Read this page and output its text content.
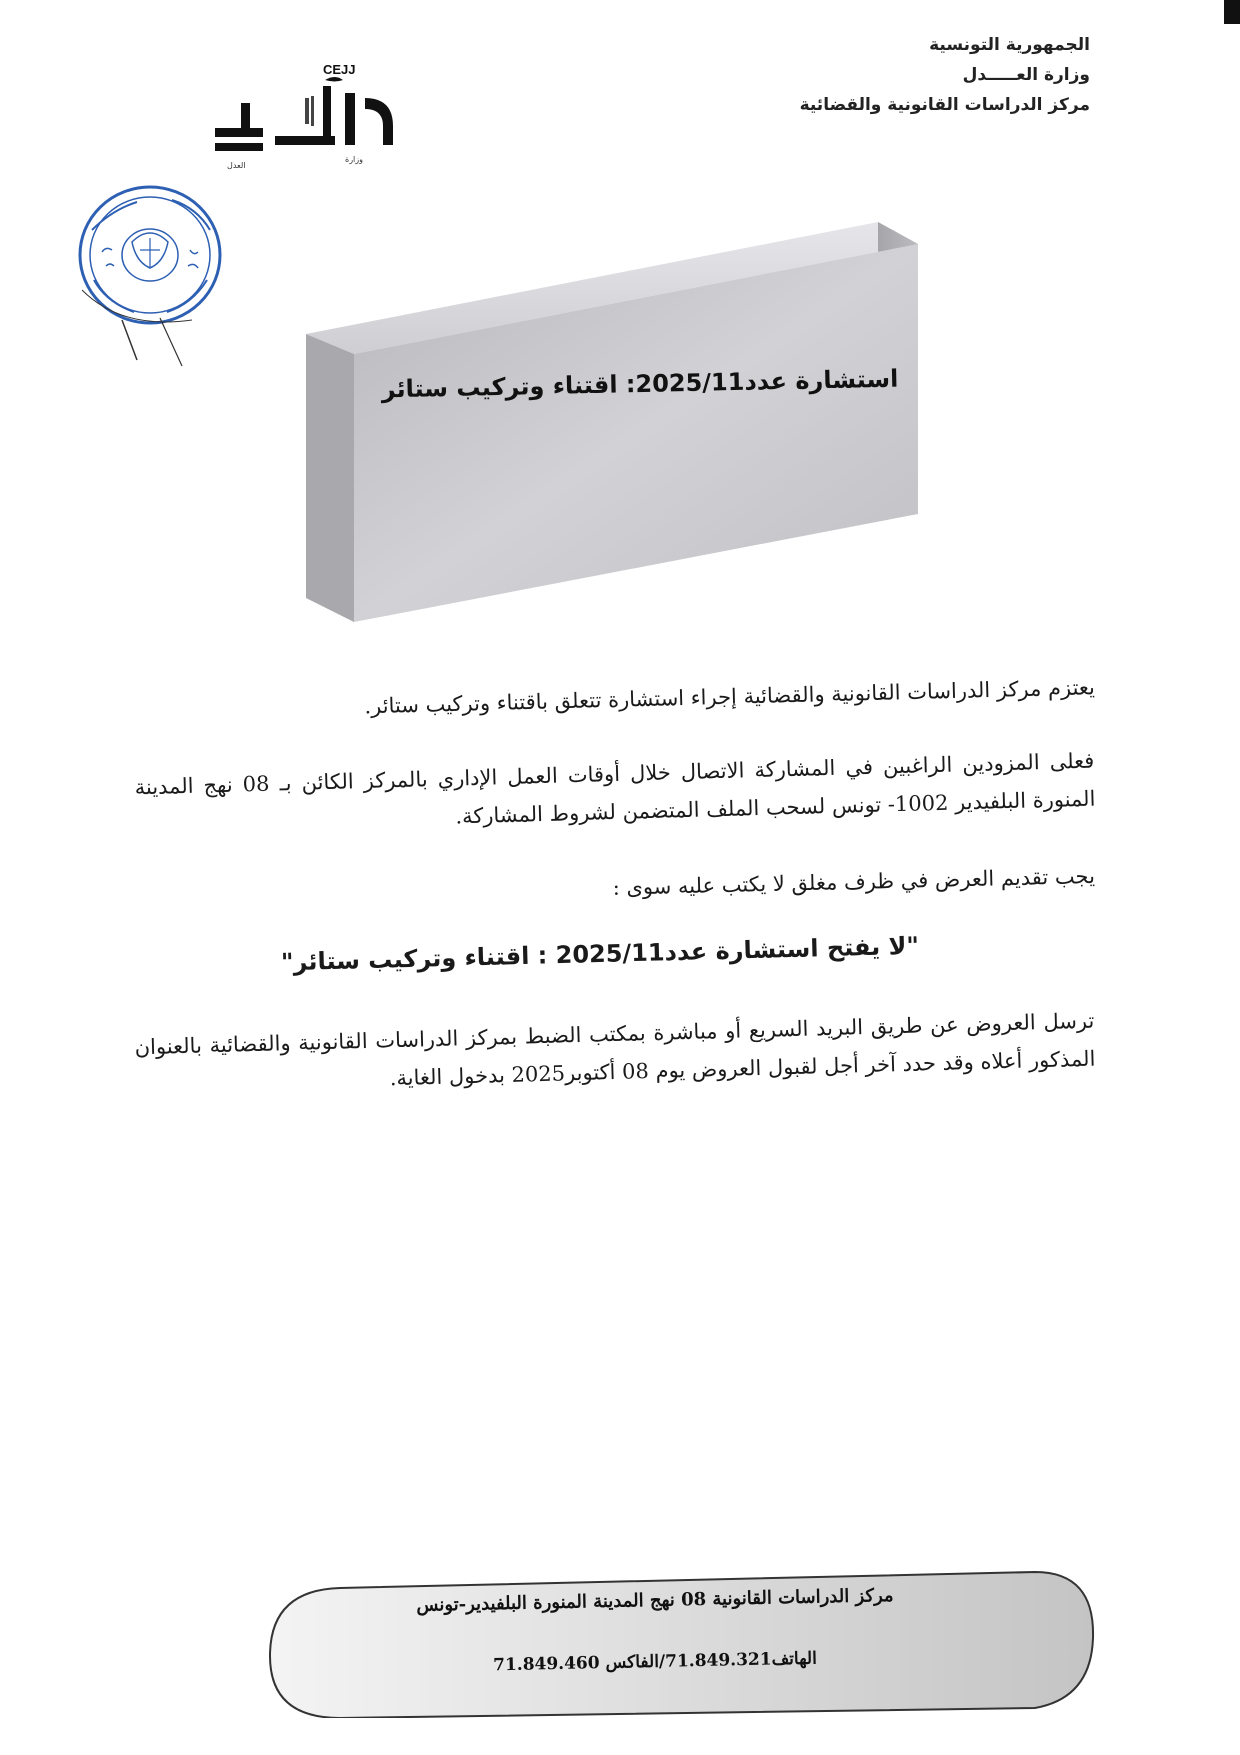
الجمهورية التونسية
وزارة العـــــدل
مركز الدراسات القانونية والقضائية
CEJJ
العدل
وزارة
استشارة عدد2025/11: اقتناء وتركيب ستائر
يعتزم مركز الدراسات القانونية والقضائية إجراء استشارة تتعلق باقتناء وتركيب ستائر.
فعلى المزودين الراغبين في المشاركة الاتصال خلال أوقات العمل الإداري بالمركز الكائن بـ 08 نهج المدينة المنورة البلفيدير 1002- تونس لسحب الملف المتضمن لشروط المشاركة.
يجب تقديم العرض في ظرف مغلق لا يكتب عليه سوى :
"لا يفتح استشارة عدد2025/11 : اقتناء وتركيب ستائر"
ترسل العروض عن طريق البريد السريع أو مباشرة بمكتب الضبط بمركز الدراسات القانونية والقضائية بالعنوان المذكور أعلاه وقد حدد آخر أجل لقبول العروض يوم 08 أكتوبر2025 بدخول الغاية.
مركز الدراسات القانونية 08 نهج المدينة المنورة البلفيدير-تونس
الهاتف71.849.321/الفاكس 71.849.460
